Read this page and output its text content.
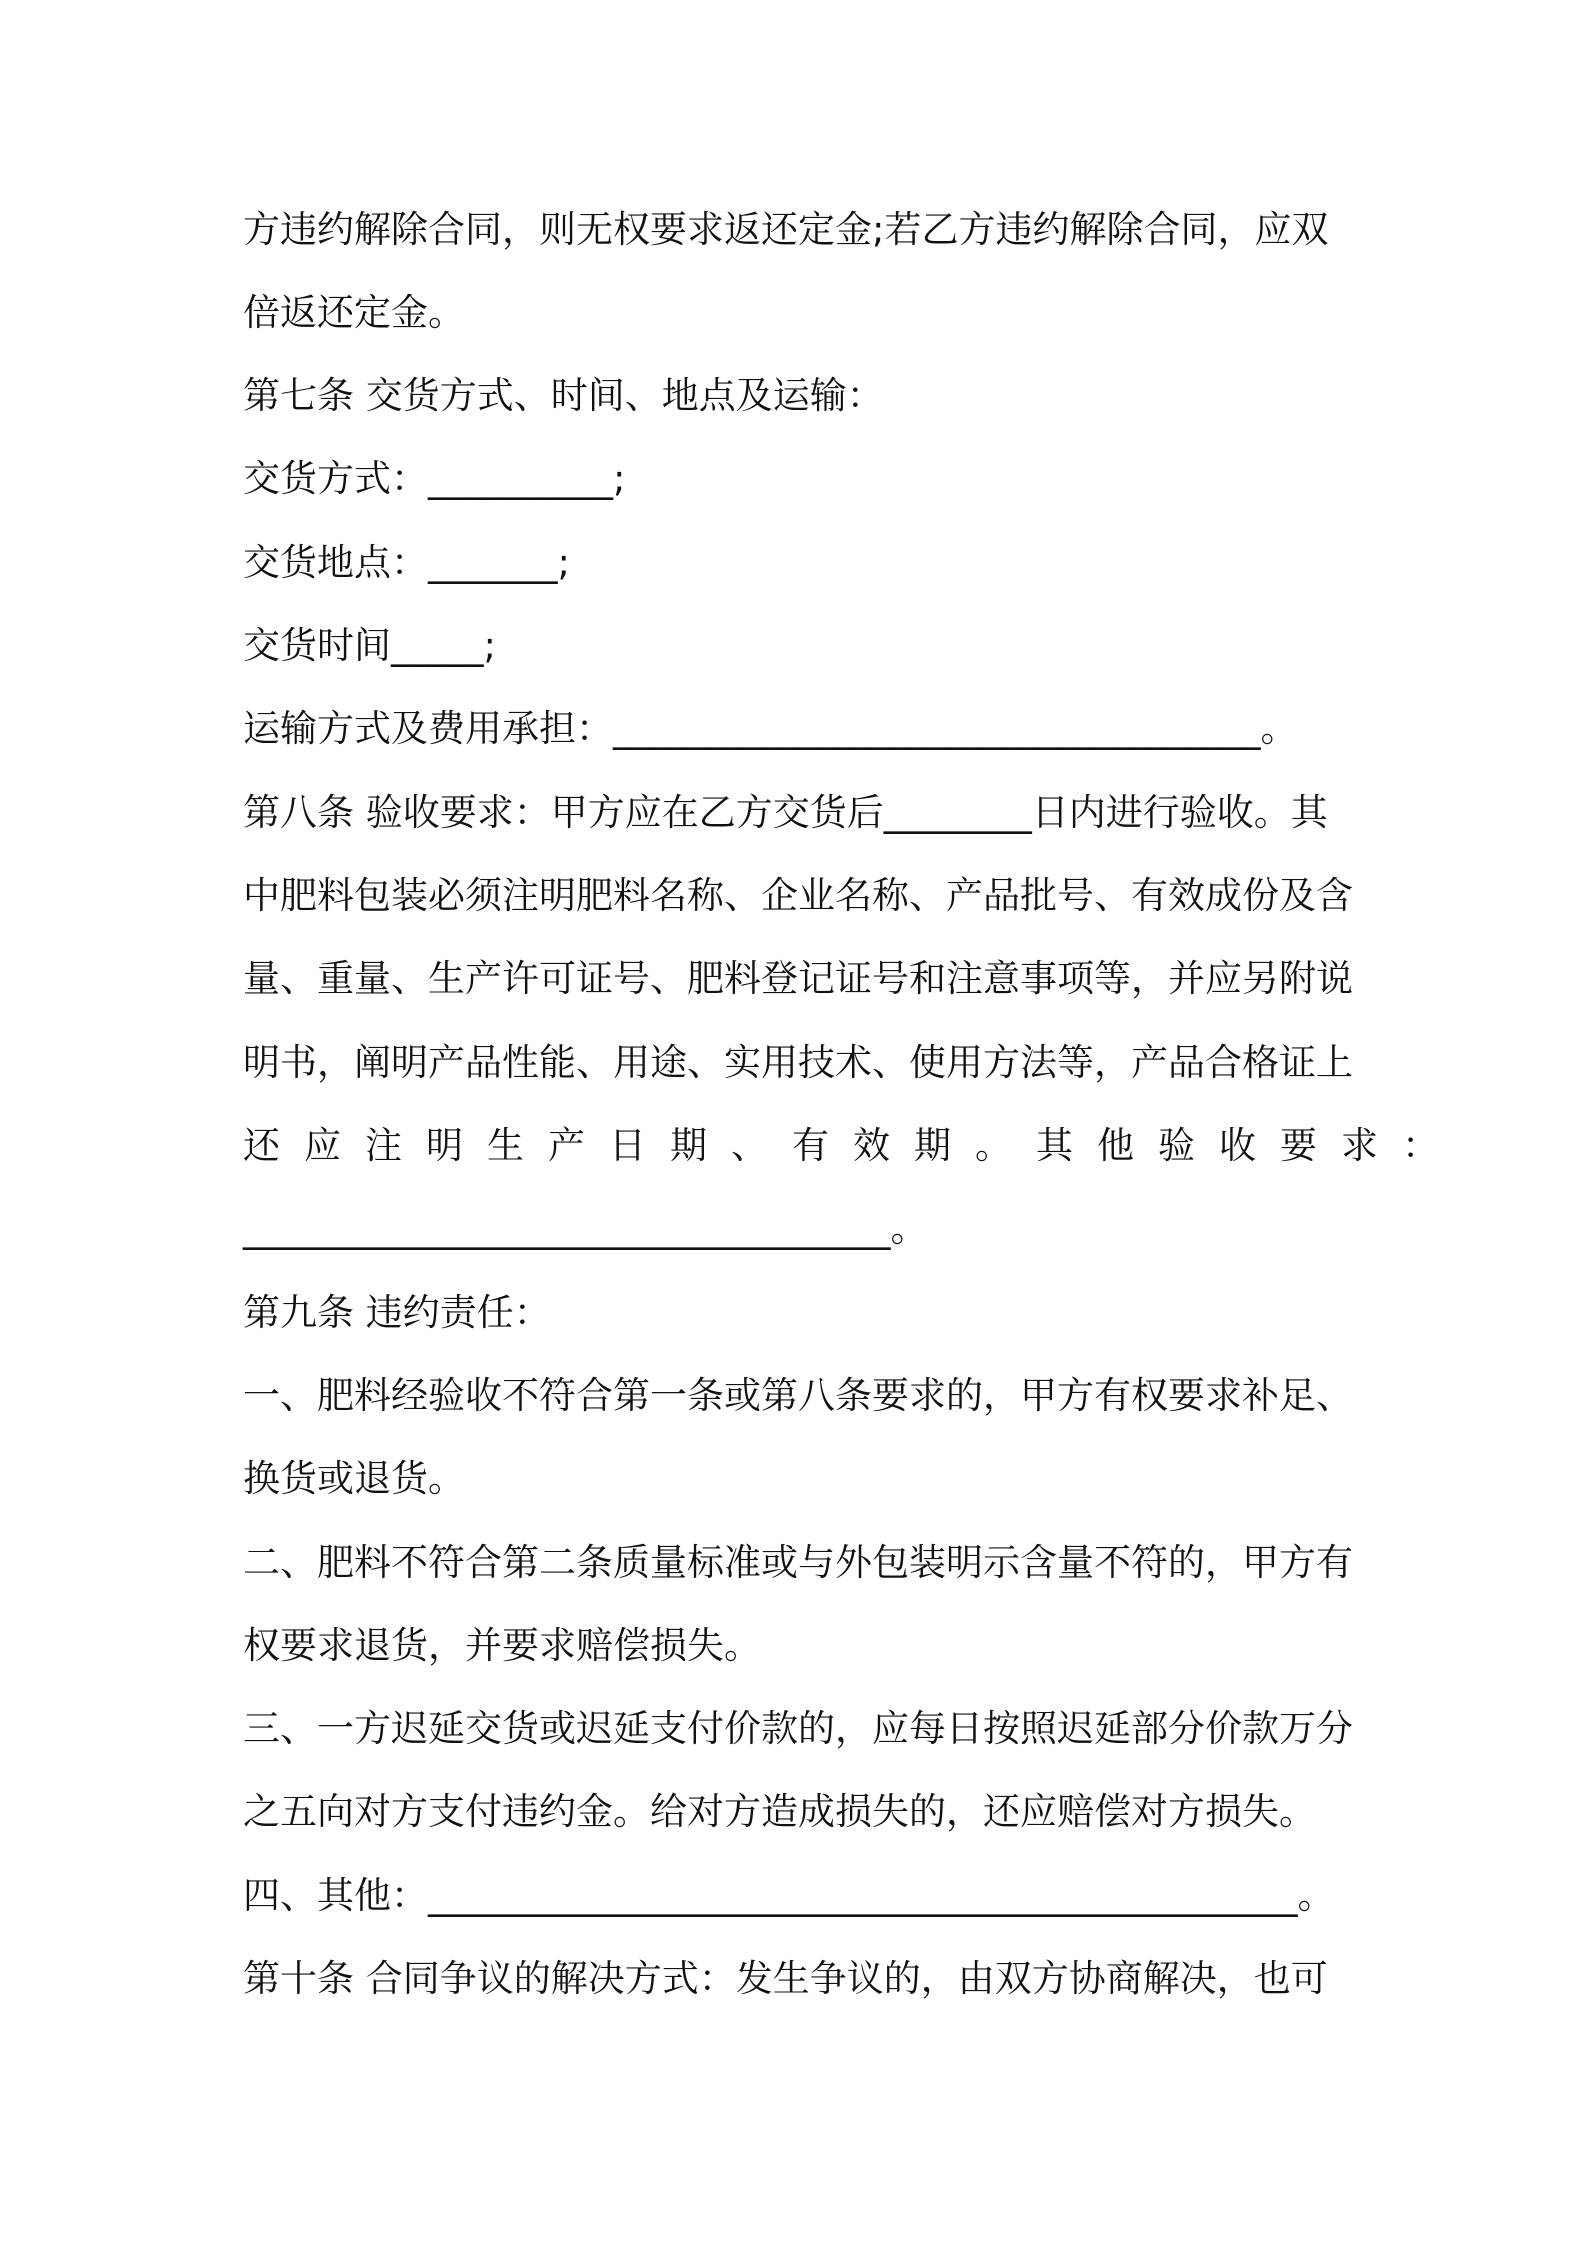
方违约解除合同，则无权要求返还定金;若乙方违约解除合同，应双

倍返还定金。

第七条 交货方式、时间、地点及运输：

交货方式：__________;

交货地点：_______;

交货时间_____;

运输方式及费用承担：___________________________________。

第八条 验收要求：甲方应在乙方交货后________日内进行验收。其

中肥料包装必须注明肥料名称、企业名称、产品批号、有效成份及含

量、重量、生产许可证号、肥料登记证号和注意事项等，并应另附说

明书，阐明产品性能、用途、实用技术、使用方法等，产品合格证上

还应注明生产日期、有效期。其他验收要求：

___________________________________。

第九条 违约责任：

一、肥料经验收不符合第一条或第八条要求的，甲方有权要求补足、

换货或退货。

二、肥料不符合第二条质量标准或与外包装明示含量不符的，甲方有

权要求退货，并要求赔偿损失。

三、一方迟延交货或迟延支付价款的，应每日按照迟延部分价款万分

之五向对方支付违约金。给对方造成损失的，还应赔偿对方损失。

四、其他：_______________________________________________。

第十条 合同争议的解决方式：发生争议的，由双方协商解决，也可
